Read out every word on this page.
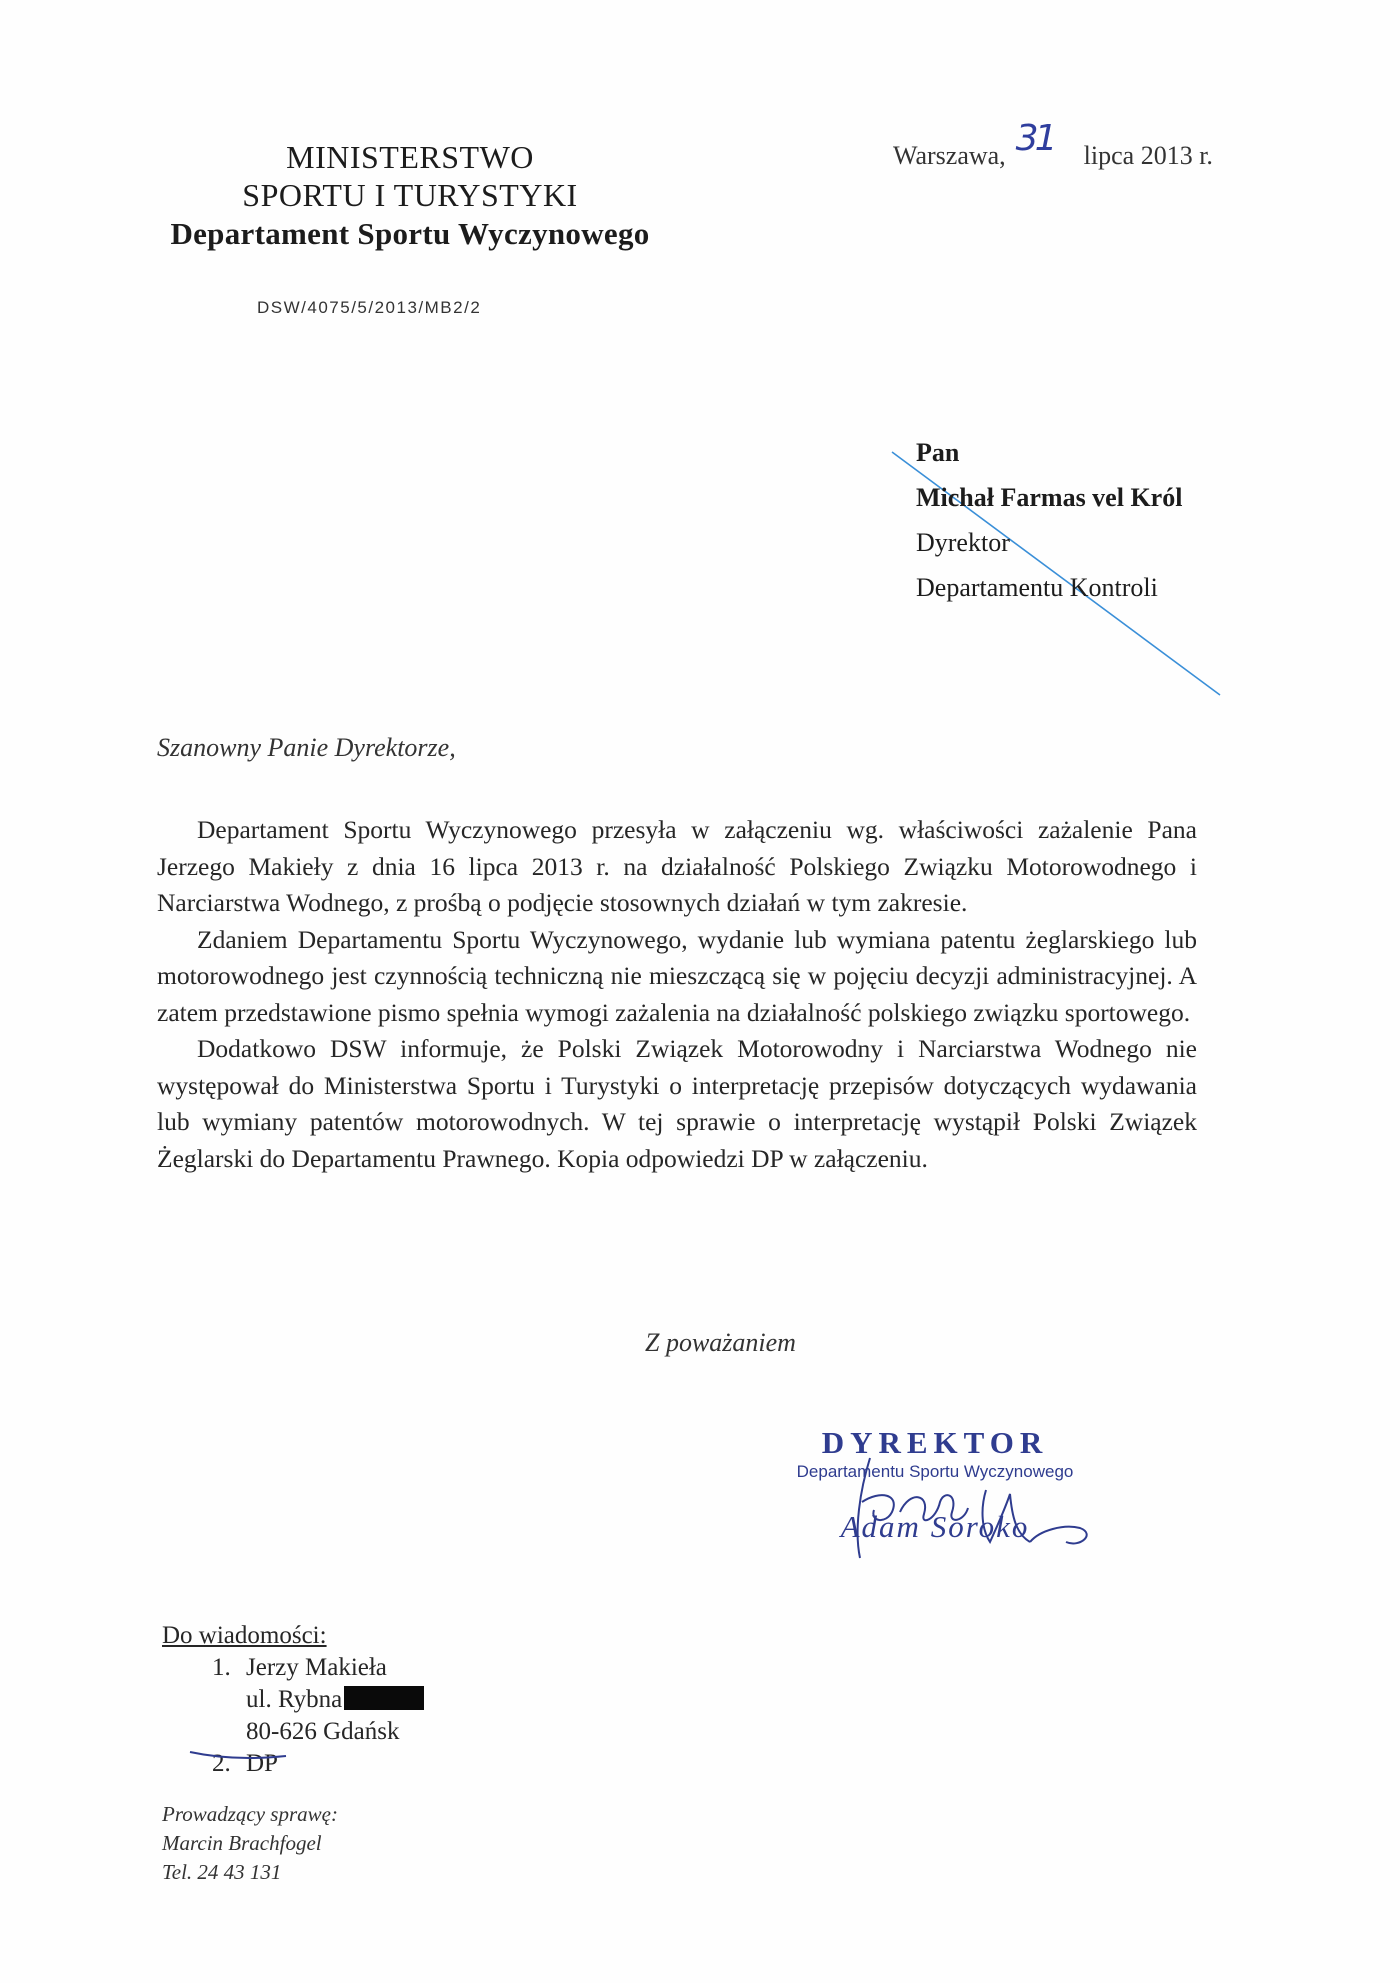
MINISTERSTWO
SPORTU I TURYSTYKI
Departament Sportu Wyczynowego
DSW/4075/5/2013/MB2/2
Warszawa, 31 lipca 2013 r.
Pan
Michał Farmas vel Król
Dyrektor
Departamentu Kontroli
Szanowny Panie Dyrektorze,

Departament Sportu Wyczynowego przesyła w załączeniu wg. właściwości zażalenie Pana Jerzego Makieły z dnia 16 lipca 2013 r. na działalność Polskiego Związku Motorowodnego i Narciarstwa Wodnego, z prośbą o podjęcie stosownych działań w tym zakresie.

Zdaniem Departamentu Sportu Wyczynowego, wydanie lub wymiana patentu żeglarskiego lub motorowodnego jest czynnością techniczną nie mieszczącą się w pojęciu decyzji administracyjnej. A zatem przedstawione pismo spełnia wymogi zażalenia na działalność polskiego związku sportowego.

Dodatkowo DSW informuje, że Polski Związek Motorowodny i Narciarstwa Wodnego nie występował do Ministerstwa Sportu i Turystyki o interpretację przepisów dotyczących wydawania lub wymiany patentów motorowodnych. W tej sprawie o interpretację wystąpił Polski Związek Żeglarski do Departamentu Prawnego. Kopia odpowiedzi DP w załączeniu.

Z poważaniem
DYREKTOR
Departamentu Sportu Wyczynowego
Adam Soroko
Do wiadomości:
1. Jerzy Makieła
ul. Rybna
80-626 Gdańsk
2. DP
Prowadzący sprawę:
Marcin Brachfogel
Tel. 24 43 131
